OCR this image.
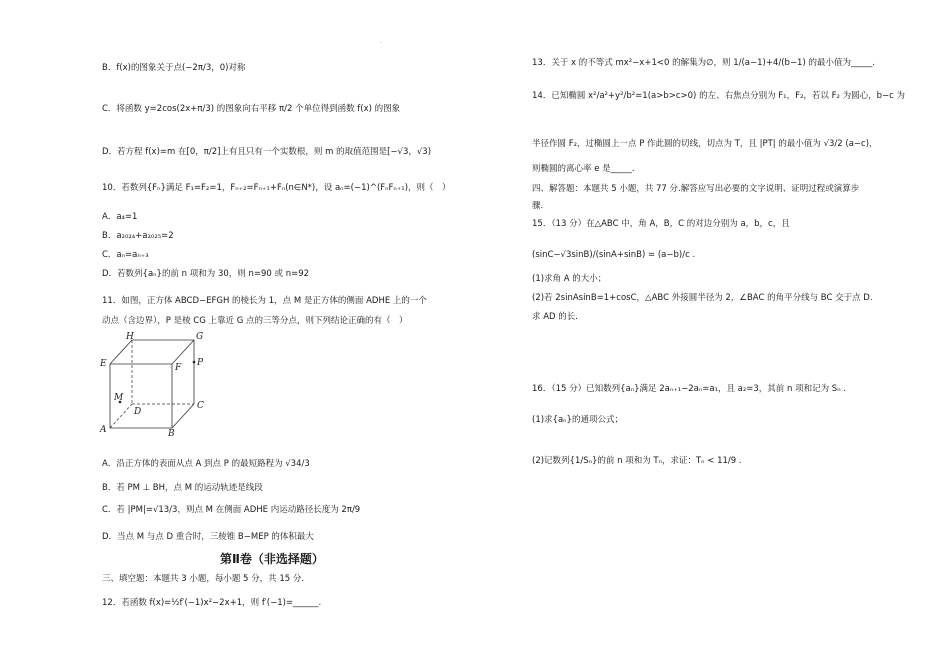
·
B．f(x)的图象关于点(−2π/3，0)对称
C．将函数 y=2cos(2x+π/3) 的图象向右平移 π/2 个单位得到函数 f(x) 的图象
D．若方程 f(x)=m 在[0，π/2]上有且只有一个实数根，则 m 的取值范围是[−√3，√3)
10．若数列{Fₙ}满足 F₁=F₂=1，Fₙ₊₂=Fₙ₊₁+Fₙ(n∈N*)，设 aₙ=(−1)^(FₙFₙ₊₁)，则（　）
A．a₄=1
B．a₂₀₂₄+a₂₀₂₅=2
C．aₙ=aₙ₊₃
D．若数列{aₙ}的前 n 项和为 30，则 n=90 或 n=92
11．如图，正方体 ABCD−EFGH 的棱长为 1，点 M 是正方体的侧面 ADHE 上的一个
动点（含边界），P 是棱 CG 上靠近 G 点的三等分点，则下列结论正确的有（　）
H	G
E	F P
M
D
C
A	B
A．沿正方体的表面从点 A 到点 P 的最短路程为 √34/3
B．若 PM ⊥ BH，点 M 的运动轨迹是线段
C．若 |PM|=√13/3，则点 M 在侧面 ADHE 内运动路径长度为 2π/9
D．当点 M 与点 D 重合时，三棱锥 B−MEP 的体积最大
第Ⅱ卷（非选择题）
三、填空题：本题共 3 小题，每小题 5 分，共 15 分.
12．若函数 f(x)=½f′(−1)x²−2x+1，则 f′(−1)=______.
13．关于 x 的不等式 mx²−x+1<0 的解集为∅，则 1/(a−1)+4/(b−1) 的最小值为_____.
14．已知椭圆 x²/a²+y²/b²=1(a>b>c>0) 的左、右焦点分别为 F₁，F₂，若以 F₂ 为圆心，b−c 为
半径作圆 F₂，过椭圆上一点 P 作此圆的切线，切点为 T，且 |PT| 的最小值为 √3/2 (a−c)，
则椭圆的离心率 e 是_____.
四、解答题：本题共 5 小题，共 77 分.解答应写出必要的文字说明、证明过程或演算步
骤.
15．（13 分）在△ABC 中，角 A，B，C 的对边分别为 a，b，c，且
(sinC−√3sinB)/(sinA+sinB) = (a−b)/c .
(1)求角 A 的大小；
(2)若 2sinAsinB=1+cosC，△ABC 外接圆半径为 2，∠BAC 的角平分线与 BC 交于点 D.
求 AD 的长.
16．（15 分）已知数列{aₙ}满足 2aₙ₊₁−2aₙ=a₁，且 a₂=3，其前 n 项和记为 Sₙ .
(1)求{aₙ}的通项公式；
(2)记数列{1/Sₙ}的前 n 项和为 Tₙ，求证：Tₙ < 11/9 .
